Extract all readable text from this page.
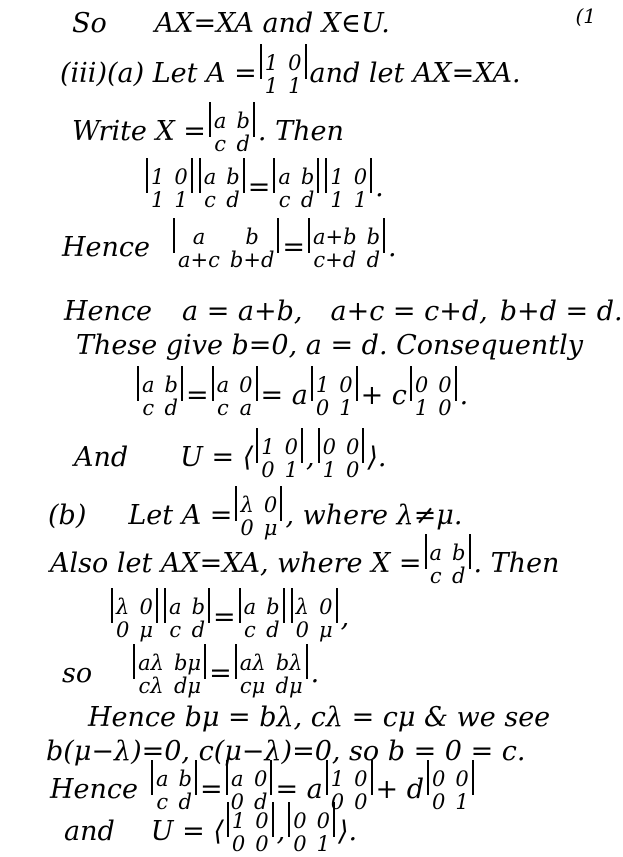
(1
So AX=XA and X∈U.
(iii)(a) Let A = 1 0
1 1 and let AX=XA.
Write X = a b
c d . Then
1 0
1 1
a b
c d = a b
c d
1 0
1 1 .
Hence	a	b
a+c b+d = a+b b
c+d d .
Hence a = a+b, a+c = c+d, b+d = d.
These give b=0, a = d. Consequently
a b
c d = a 0
c a = a 1 0
0 1 + c 0 0
1 0 .
And U = ⟨ 1 0
0 1 , 0 0
1 0 ⟩.
(b) Let A = λ 0
0 μ , where λ≠μ.
Also let AX=XA, where X = a b
c d . Then
λ 0
0 μ
a b
c d = a b
c d
λ 0
0 μ ,
so aλ bμ
cλ dμ = aλ bλ
cμ dμ .
Hence bμ = bλ, cλ = cμ & we see
b(μ−λ)=0, c(μ−λ)=0, so b = 0 = c.
Hence a b
c d = a 0
0 d = a 1 0
0 0 + d 0 0
0 1
and U = ⟨ 1 0
0 0 , 0 0
0 1 ⟩.
